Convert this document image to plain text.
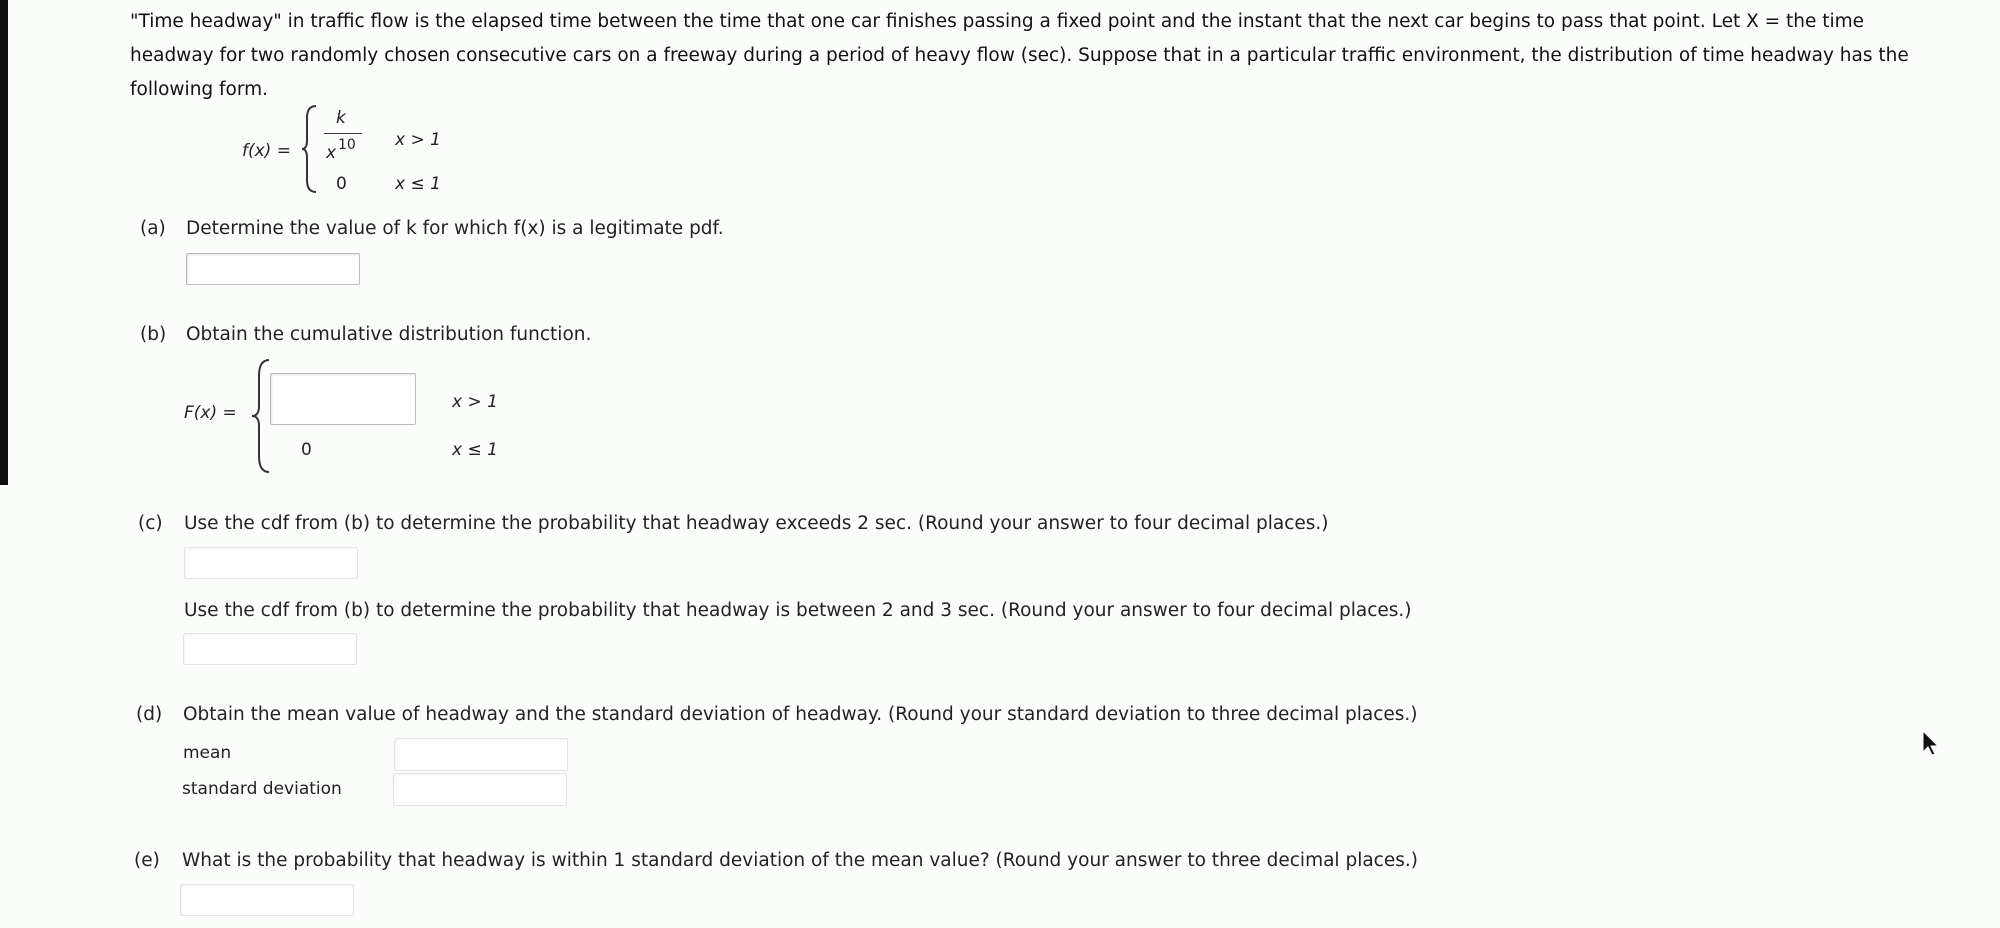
"Time headway" in traffic flow is the elapsed time between the time that one car finishes passing a fixed point and the instant that the next car begins to pass that point. Let X = the time headway for two randomly chosen consecutive cars on a freeway during a period of heavy flow (sec). Suppose that in a particular traffic environment, the distribution of time headway has the following form.
f(x) =
k
x 10 x > 1
0	x ≤ 1
(a) Determine the value of k for which f(x) is a legitimate pdf.
(b) Obtain the cumulative distribution function.
F(x) =
x > 1
0	x ≤ 1
(c) Use the cdf from (b) to determine the probability that headway exceeds 2 sec. (Round your answer to four decimal places.)
Use the cdf from (b) to determine the probability that headway is between 2 and 3 sec. (Round your answer to four decimal places.)
(d) Obtain the mean value of headway and the standard deviation of headway. (Round your standard deviation to three decimal places.)
mean
standard deviation
(e) What is the probability that headway is within 1 standard deviation of the mean value? (Round your answer to three decimal places.)
